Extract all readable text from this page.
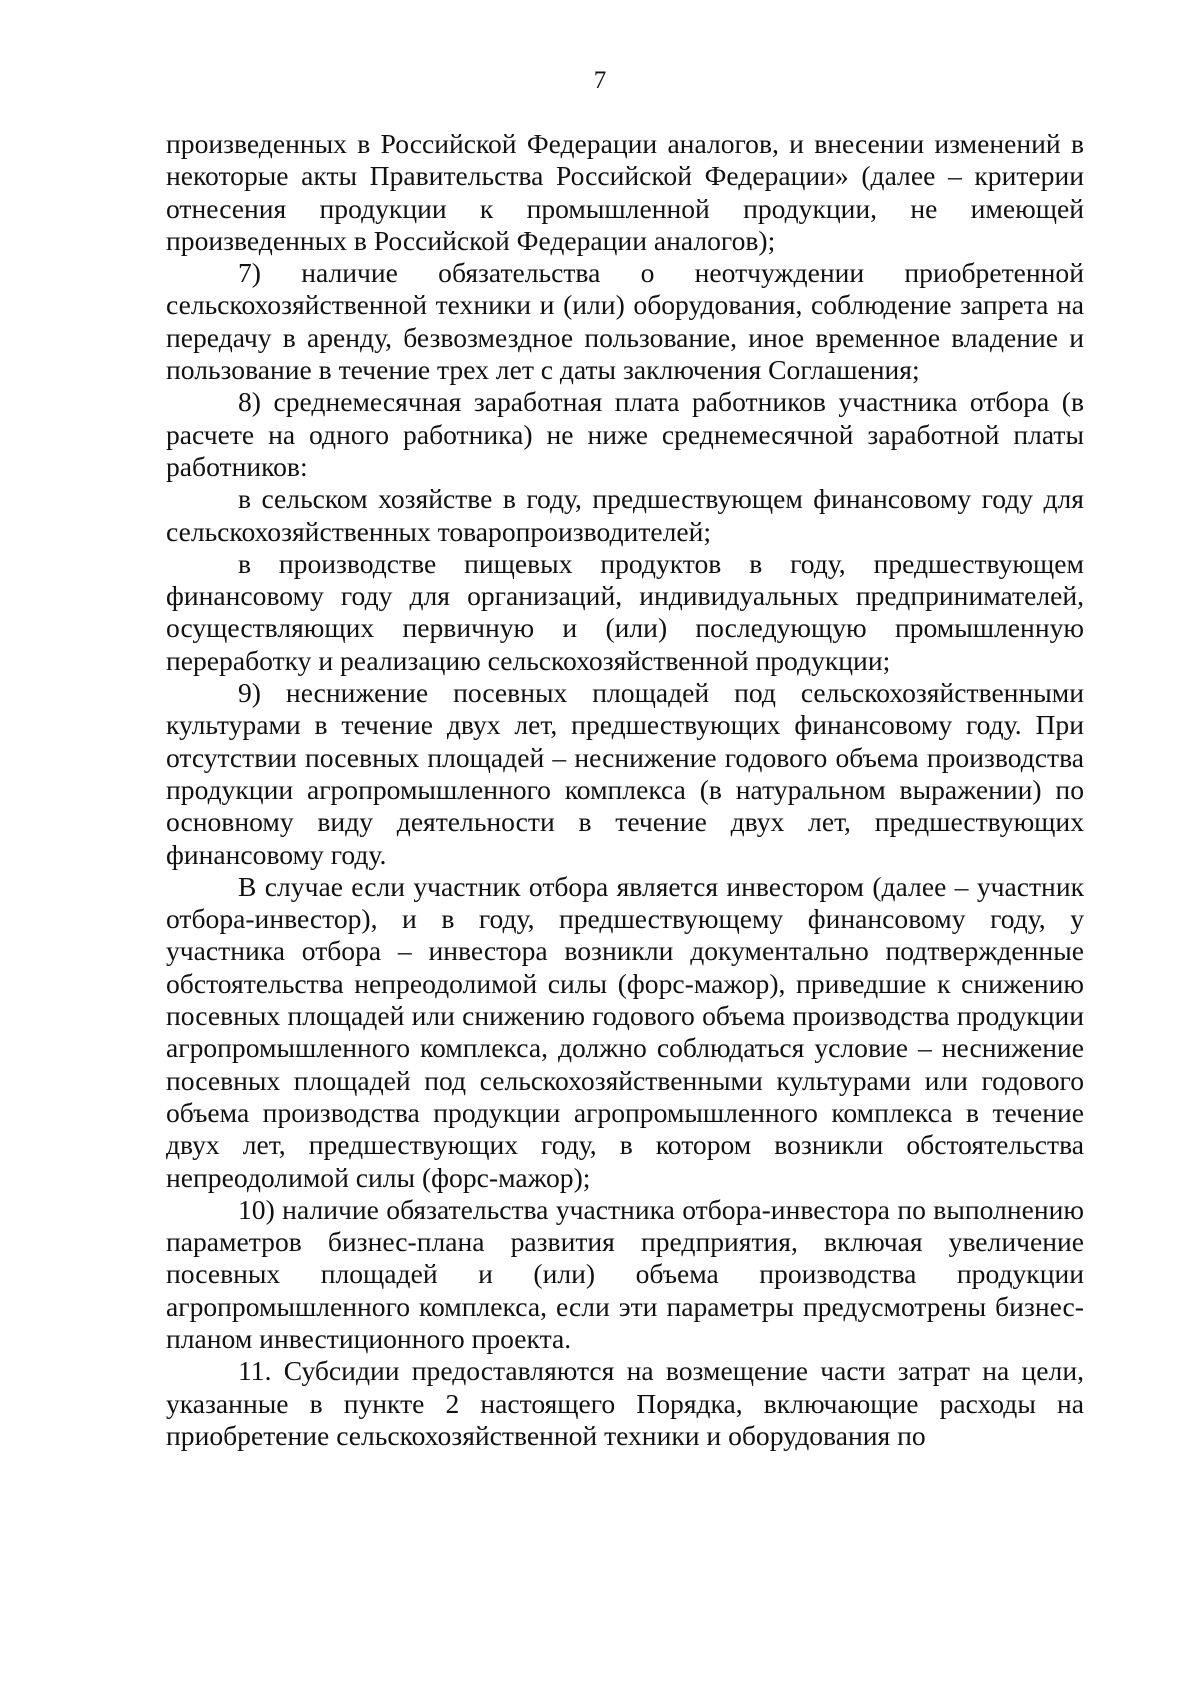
7

произведенных в Российской Федерации аналогов, и внесении изменений в некоторые акты Правительства Российской Федерации» (далее – критерии отнесения продукции к промышленной продукции, не имеющей произведенных в Российской Федерации аналогов);

7) наличие обязательства о неотчуждении приобретенной сельскохозяйственной техники и (или) оборудования, соблюдение запрета на передачу в аренду, безвозмездное пользование, иное временное владение и пользование в течение трех лет с даты заключения Соглашения;

8) среднемесячная заработная плата работников участника отбора (в расчете на одного работника) не ниже среднемесячной заработной платы работников:

в сельском хозяйстве в году, предшествующем финансовому году для сельскохозяйственных товаропроизводителей;

в производстве пищевых продуктов в году, предшествующем финансовому году для организаций, индивидуальных предпринимателей, осуществляющих первичную и (или) последующую промышленную переработку и реализацию сельскохозяйственной продукции;

9) неснижение посевных площадей под сельскохозяйственными культурами в течение двух лет, предшествующих финансовому году. При отсутствии посевных площадей – неснижение годового объема производства продукции агропромышленного комплекса (в натуральном выражении) по основному виду деятельности в течение двух лет, предшествующих финансовому году.

В случае если участник отбора является инвестором (далее – участник отбора-инвестор), и в году, предшествующему финансовому году, у участника отбора – инвестора возникли документально подтвержденные обстоятельства непреодолимой силы (форс-мажор), приведшие к снижению посевных площадей или снижению годового объема производства продукции агропромышленного комплекса, должно соблюдаться условие – неснижение посевных площадей под сельскохозяйственными культурами или годового объема производства продукции агропромышленного комплекса в течение двух лет, предшествующих году, в котором возникли обстоятельства непреодолимой силы (форс-мажор);

10) наличие обязательства участника отбора-инвестора по выполнению параметров бизнес-плана развития предприятия, включая увеличение посевных площадей и (или) объема производства продукции агропромышленного комплекса, если эти параметры предусмотрены бизнес-планом инвестиционного проекта.

11. Субсидии предоставляются на возмещение части затрат на цели, указанные в пункте 2 настоящего Порядка, включающие расходы на приобретение сельскохозяйственной техники и оборудования по
